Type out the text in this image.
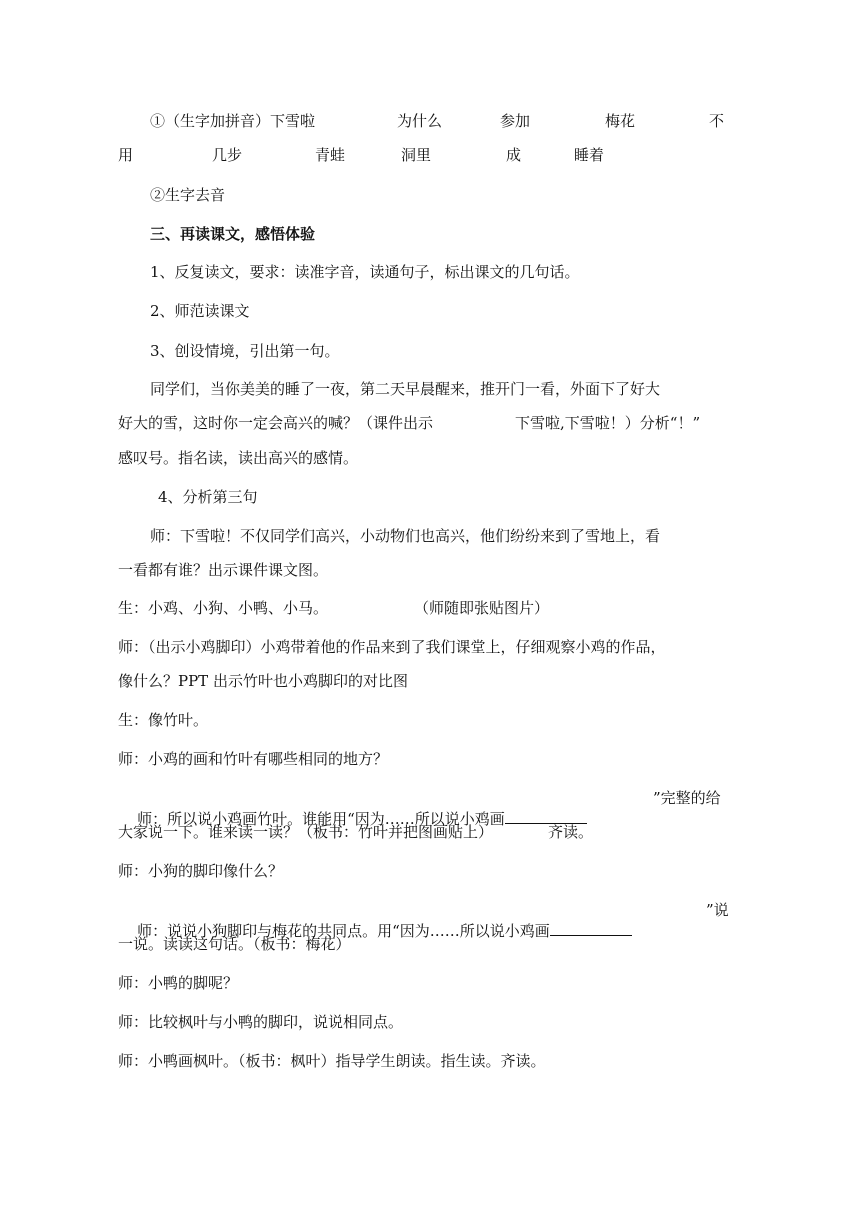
①（生字加拼音）下雪啦	为什么	参加	梅花	不
用	几步	青蛙	洞里	成	睡着
②生字去音
三、再读课文，感悟体验
1、反复读文，要求：读准字音，读通句子，标出课文的几句话。
2、师范读课文
3、创设情境，引出第一句。
同学们，当你美美的睡了一夜，第二天早晨醒来，推开门一看，外面下了好大
好大的雪，这时你一定会高兴的喊？（课件出示	下雪啦,下雪啦！）分析“！”
感叹号。指名读，读出高兴的感情。
4、分析第三句
师：下雪啦！不仅同学们高兴，小动物们也高兴，他们纷纷来到了雪地上，看
一看都有谁？出示课件课文图。
生：小鸡、小狗、小鸭、小马。	（师随即张贴图片）
师：（出示小鸡脚印）小鸡带着他的作品来到了我们课堂上，仔细观察小鸡的作品，
像什么？PPT 出示竹叶也小鸡脚印的对比图
生：像竹叶。
师：小鸡的画和竹叶有哪些相同的地方？

师：所以说小鸡画竹叶。谁能用“因为……所以说小鸡画

”完整的给
大家说一下。谁来读一读？（板书：竹叶并把图画贴上）	齐读。
师：小狗的脚印像什么？

师：说说小狗脚印与梅花的共同点。用“因为……所以说小鸡画

”说
一说。读读这句话。（板书：梅花）
师：小鸭的脚呢？
师：比较枫叶与小鸭的脚印，说说相同点。
师：小鸭画枫叶。（板书：枫叶）指导学生朗读。指生读。齐读。
